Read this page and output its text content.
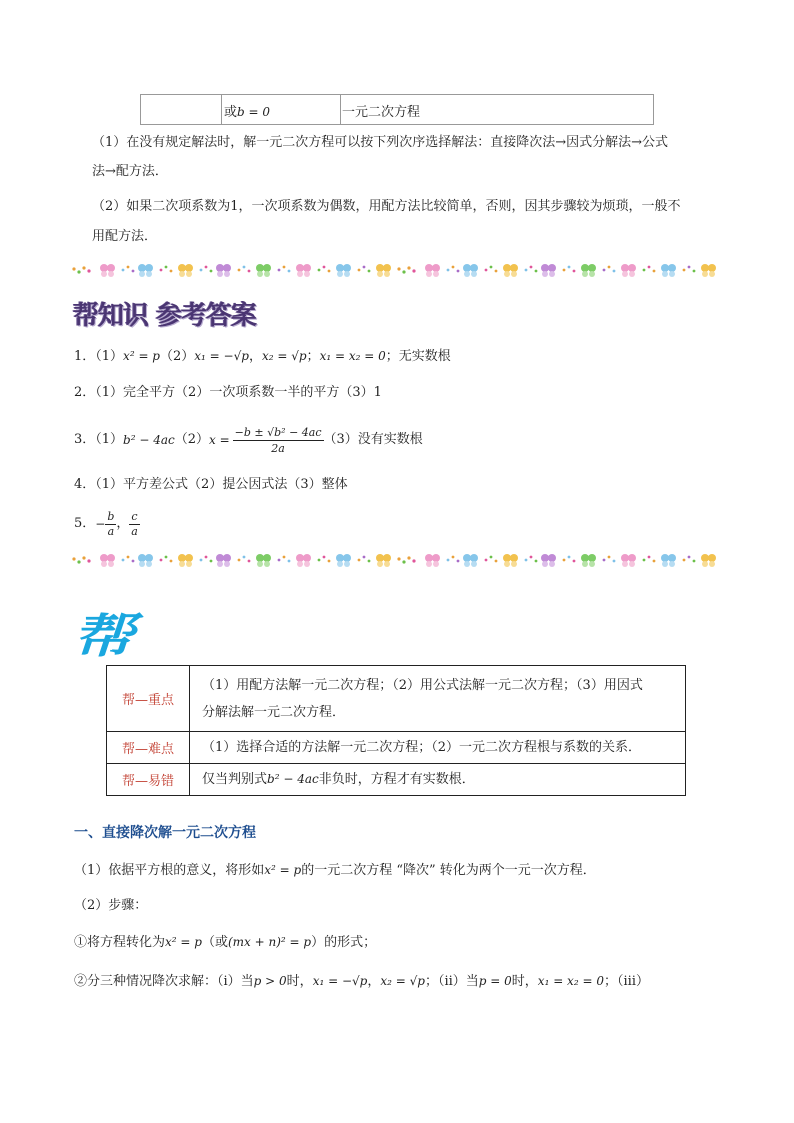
或b = 0	一元二次方程
（1）在没有规定解法时，解一元二次方程可以按下列次序选择解法：直接降次法→因式分解法→公式
法→配方法．
（2）如果二次项系数为1，一次项系数为偶数，用配方法比较简单，否则，因其步骤较为烦琐，一般不
用配方法．
帮知识 参考答案
1．（1）x² = p（2）x₁ = −√p，x₂ = √p；x₁ = x₂ = 0；无实数根
2．（1）完全平方（2）一次项系数一半的平方（3）1
3．（1） b² − 4ac （2） $x = \frac{\text{−b ± √b² − 4ac}}{2a} (3)$没有实数根
4．（1）平方差公式（2）提公因式法（3）整体
5． − $\frac{b}{a}$ ， $\frac{c}{a}$
帮
帮—重点	（1）用配方法解一元二次方程；（2）用公式法解一元二次方程；（3）用因式
分解法解一元二次方程．

帮—难点	（1）选择合适的方法解一元二次方程；（2）一元二次方程根与系数的关系．
帮—易错	仅当判别式b² − 4ac非负时，方程才有实数根．
一、直接降次解一元二次方程
（1）依据平方根的意义，将形如x² = p的一元二次方程 “降次” 转化为两个一元一次方程．
（2）步骤：
①将方程转化为x² = p（或(mx + n)² = p）的形式；
②分三种情况降次求解：（ⅰ）当p > 0时，x₁ = −√p，x₂ = √p；（ⅱ）当p = 0时，x₁ = x₂ = 0；（ⅲ）
